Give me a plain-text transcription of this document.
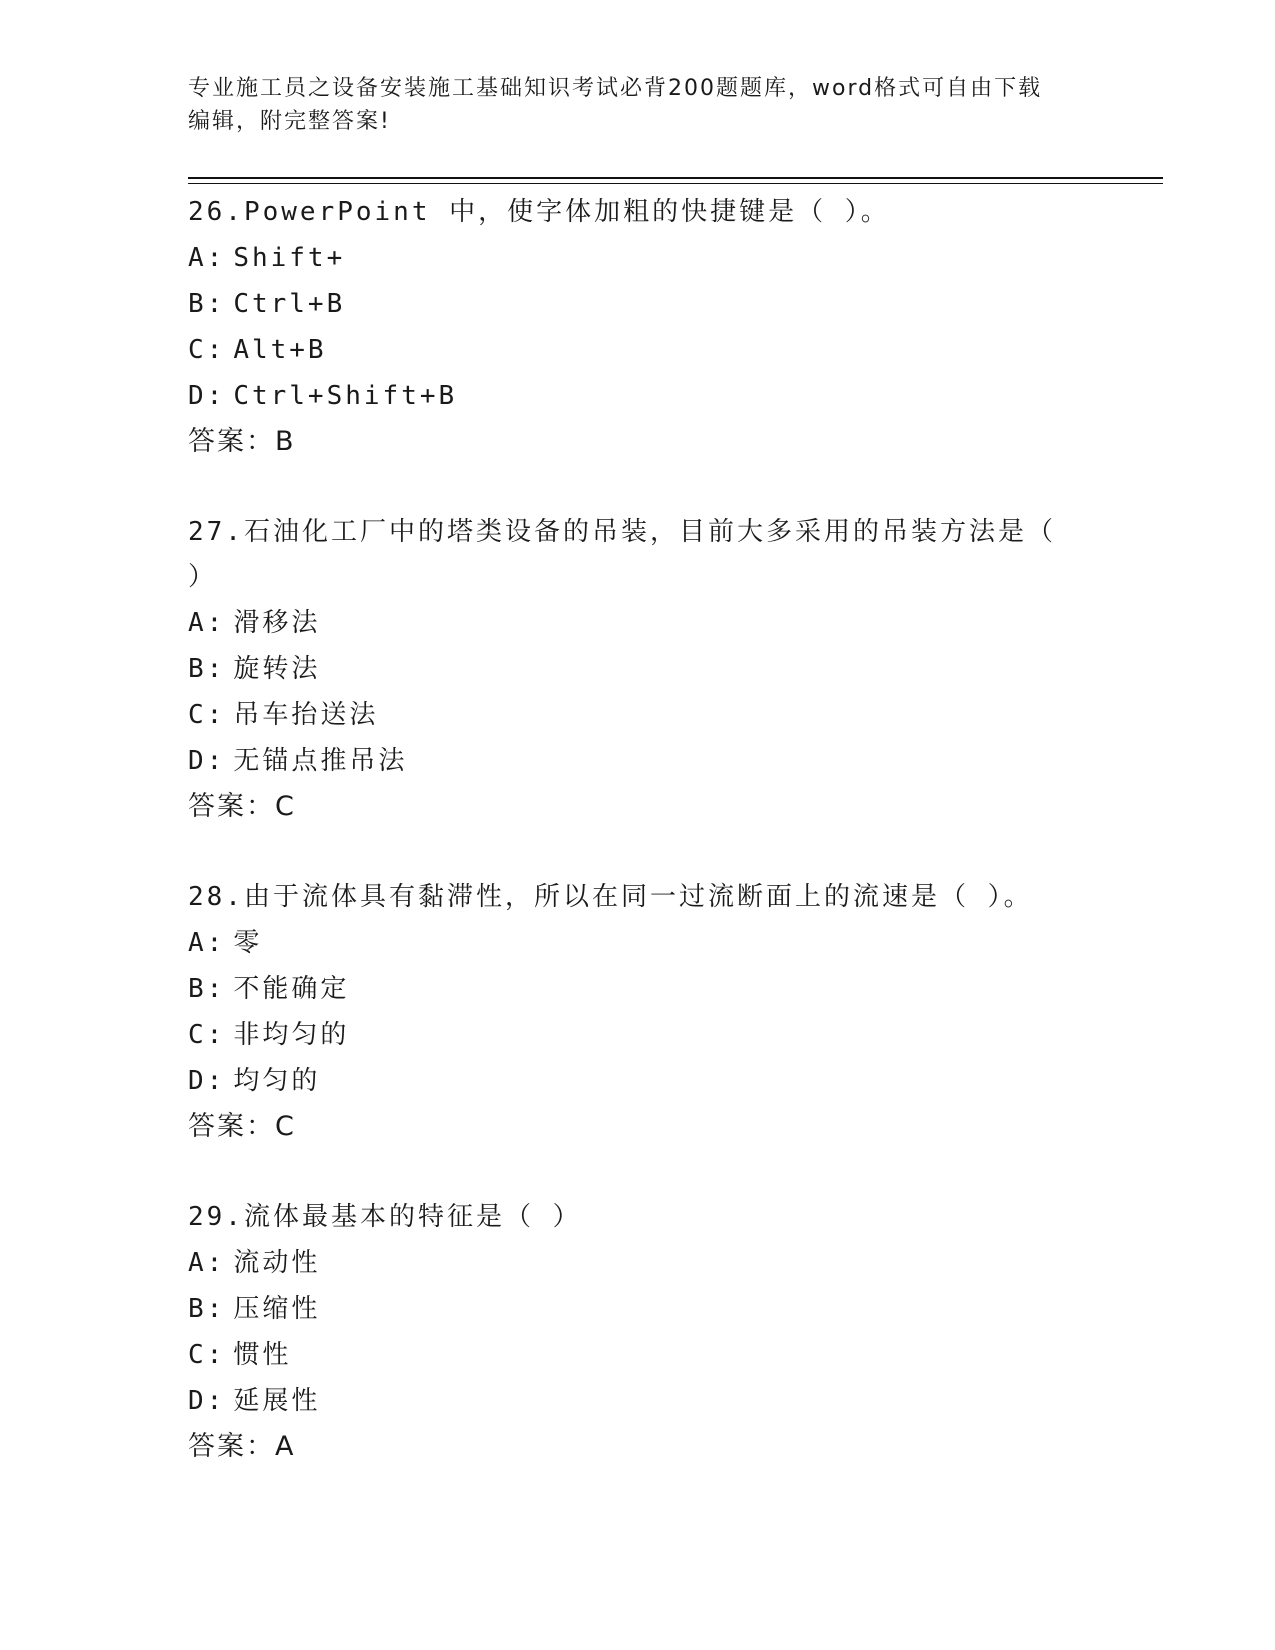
专业施工员之设备安装施工基础知识考试必背200题题库，word格式可自由下载
编辑，附完整答案!

26.PowerPoint 中，使字体加粗的快捷键是（ ）。

A: Shift+
B: Ctrl+B
C: Alt+B
D: Ctrl+Shift+B
答案：B

27.石油化工厂中的塔类设备的吊装，目前大多采用的吊装方法是（ ）

A: 滑移法
B: 旋转法
C: 吊车抬送法
D: 无锚点推吊法
答案：C

28.由于流体具有黏滞性，所以在同一过流断面上的流速是（ ）。

A: 零
B: 不能确定
C: 非均匀的
D: 均匀的
答案：C

29.流体最基本的特征是（ ）

A: 流动性
B: 压缩性
C: 惯性
D: 延展性
答案：A
